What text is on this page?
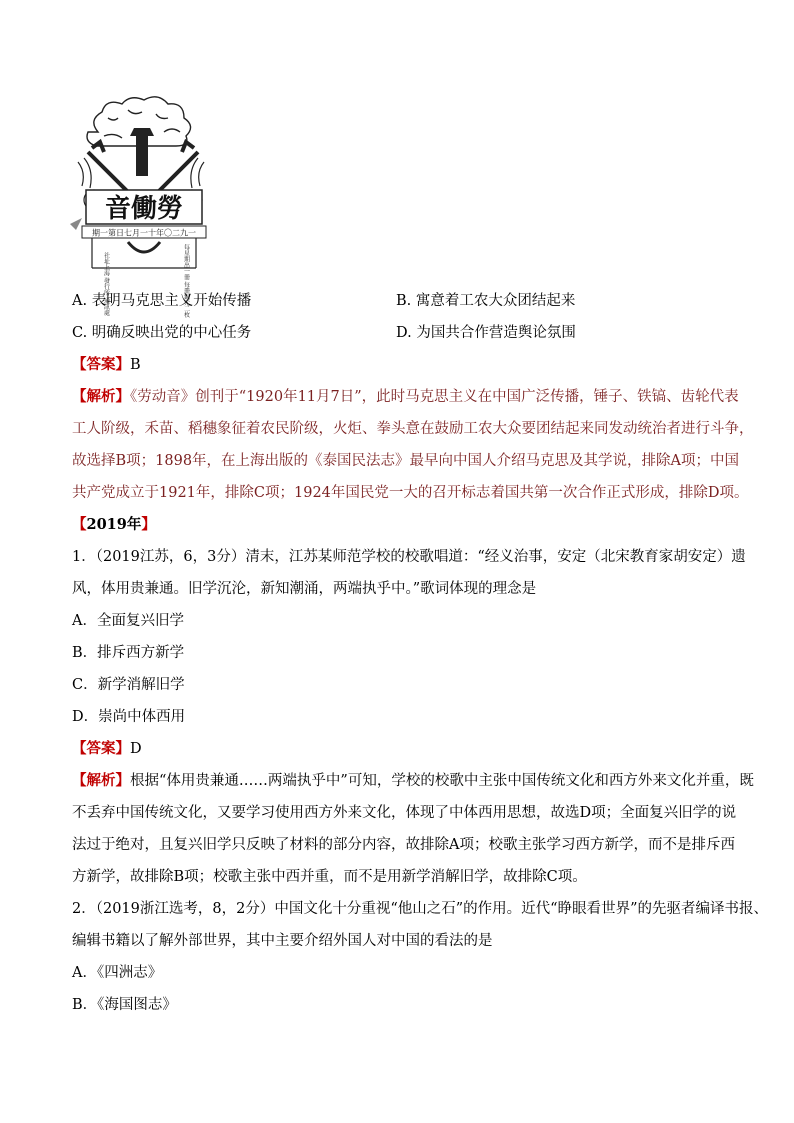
音働勞
期一第日七月一十年〇二九一
社址上海 發行所 通訊處	每星期出一冊 每冊銅元二枚
A. 表明马克思主义开始传播	B. 寓意着工农大众团结起来
C. 明确反映出党的中心任务	D. 为国共合作营造舆论氛围
【答案】B
【解析】《劳动音》创刊于“1920年11月7日”，此时马克思主义在中国广泛传播，锤子、铁镐、齿轮代表
工人阶级，禾苗、稻穗象征着农民阶级，火炬、拳头意在鼓励工农大众要团结起来同发动统治者进行斗争，
故选择B项；1898年，在上海出版的《泰国民法志》最早向中国人介绍马克思及其学说，排除A项；中国
共产党成立于1921年，排除C项；1924年国民党一大的召开标志着国共第一次合作正式形成，排除D项。
【2019年】
1．（2019江苏，6，3分）清末，江苏某师范学校的校歌唱道：“经义治事，安定（北宋教育家胡安定）遗
风，体用贵兼通。旧学沉沦，新知潮涌，两端执乎中。”歌词体现的理念是
A．全面复兴旧学
B．排斥西方新学
C．新学消解旧学
D．崇尚中体西用
【答案】D
【解析】根据“体用贵兼通……两端执乎中”可知，学校的校歌中主张中国传统文化和西方外来文化并重，既
不丢弃中国传统文化，又要学习使用西方外来文化，体现了中体西用思想，故选D项；全面复兴旧学的说
法过于绝对，且复兴旧学只反映了材料的部分内容，故排除A项；校歌主张学习西方新学，而不是排斥西
方新学，故排除B项；校歌主张中西并重，而不是用新学消解旧学，故排除C项。
2．（2019浙江选考，8，2分）中国文化十分重视“他山之石”的作用。近代“睁眼看世界”的先驱者编译书报、
编辑书籍以了解外部世界，其中主要介绍外国人对中国的看法的是
A．《四洲志》
B．《海国图志》
